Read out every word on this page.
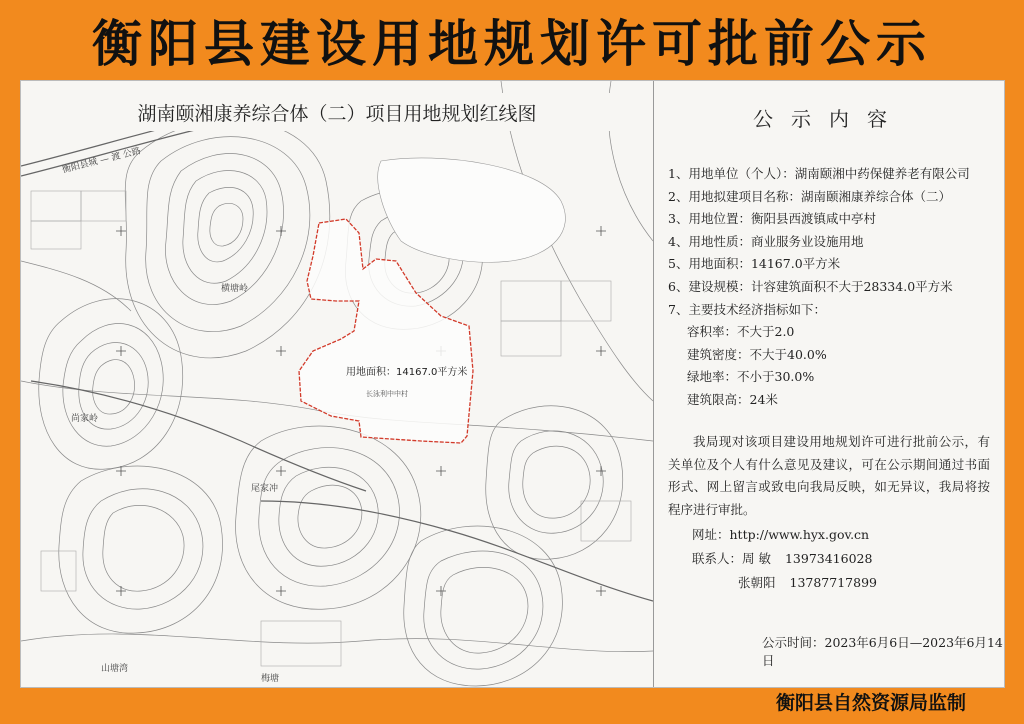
衡阳县建设用地规划许可批前公示
湖南颐湘康养综合体（二）项目用地规划红线图
衡阳县城 — 渡 公路
横塘岭
尚家岭
尾家冲
山塘湾
梅塘
用地面积：14167.0平方米
长泳利中中村
公示内容
1、用地单位（个人）：湖南颐湘中药保健养老有限公司
2、用地拟建项目名称：湖南颐湘康养综合体（二）
3、用地位置：衡阳县西渡镇咸中亭村
4、用地性质：商业服务业设施用地
5、用地面积：14167.0平方米
6、建设规模：计容建筑面积不大于28334.0平方米
7、主要技术经济指标如下：
容积率：不大于2.0
建筑密度：不大于40.0%
绿地率：不小于30.0%
建筑限高：24米
我局现对该项目建设用地规划许可进行批前公示，有关单位及个人有什么意见及建议，可在公示期间通过书面形式、网上留言或致电向我局反映，如无异议，我局将按程序进行审批。
网址：http://www.hyx.gov.cn
联系人：周 敏 13973416028
张朝阳 13787717899
公示时间：2023年6月6日—2023年6月14日
衡阳县自然资源局监制
